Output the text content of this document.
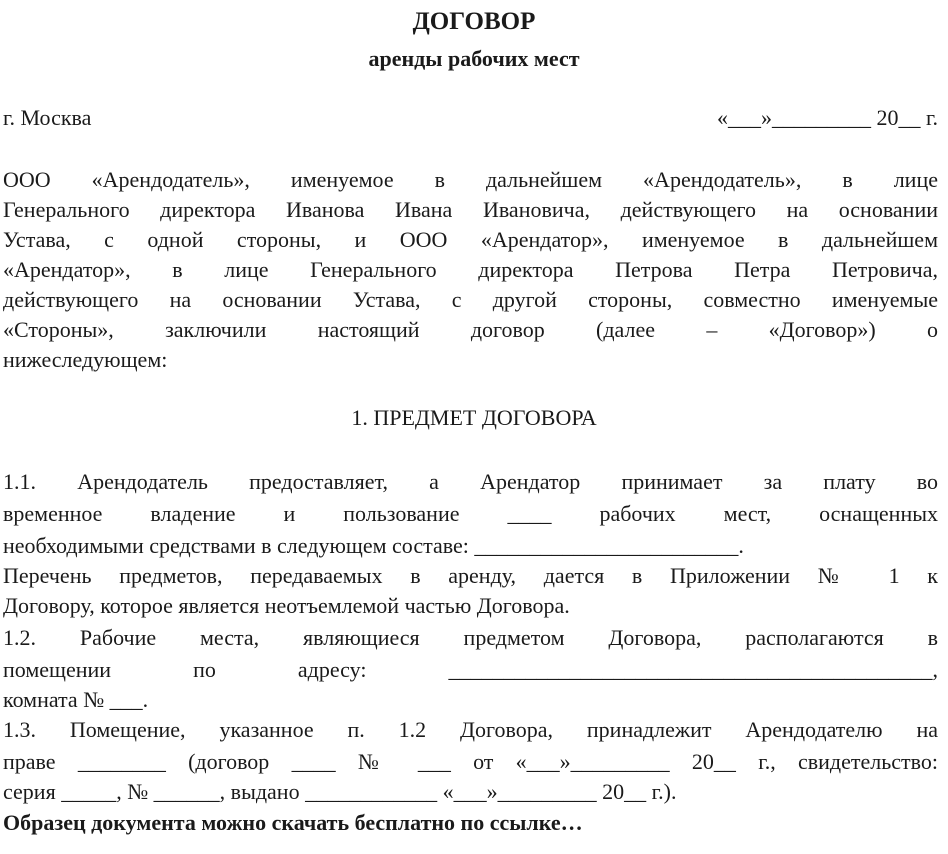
ДОГОВОР
аренды рабочих мест
г. Москва	«___»_________ 20__ г.
ООО «Арендодатель», именуемое в дальнейшем «Арендодатель», в лице
Генерального директора Иванова Ивана Ивановича, действующего на основании
Устава, с одной стороны, и ООО «Арендатор», именуемое в дальнейшем
«Арендатор», в лице Генерального директора Петрова Петра Петровича,
действующего на основании Устава, с другой стороны, совместно именуемые
«Стороны», заключили настоящий договор (далее – «Договор») о
нижеследующем:
1. ПРЕДМЕТ ДОГОВОРА
1.1. Арендодатель предоставляет, а Арендатор принимает за плату во
временное владение и пользование ____ рабочих мест, оснащенных
необходимыми средствами в следующем составе: ________________________.
Перечень предметов, передаваемых в аренду, дается в Приложении № 1 к
Договору, которое является неотъемлемой частью Договора.
1.2. Рабочие места, являющиеся предметом Договора, располагаются в
помещении по адресу: ____________________________________________,
комната № ___.
1.3. Помещение, указанное п. 1.2 Договора, принадлежит Арендодателю на
праве ________ (договор ____ № ___ от «___»_________ 20__ г., свидетельство:
серия _____, № ______, выдано ____________ «___»_________ 20__ г.).
Образец документа можно скачать бесплатно по ссылке…
